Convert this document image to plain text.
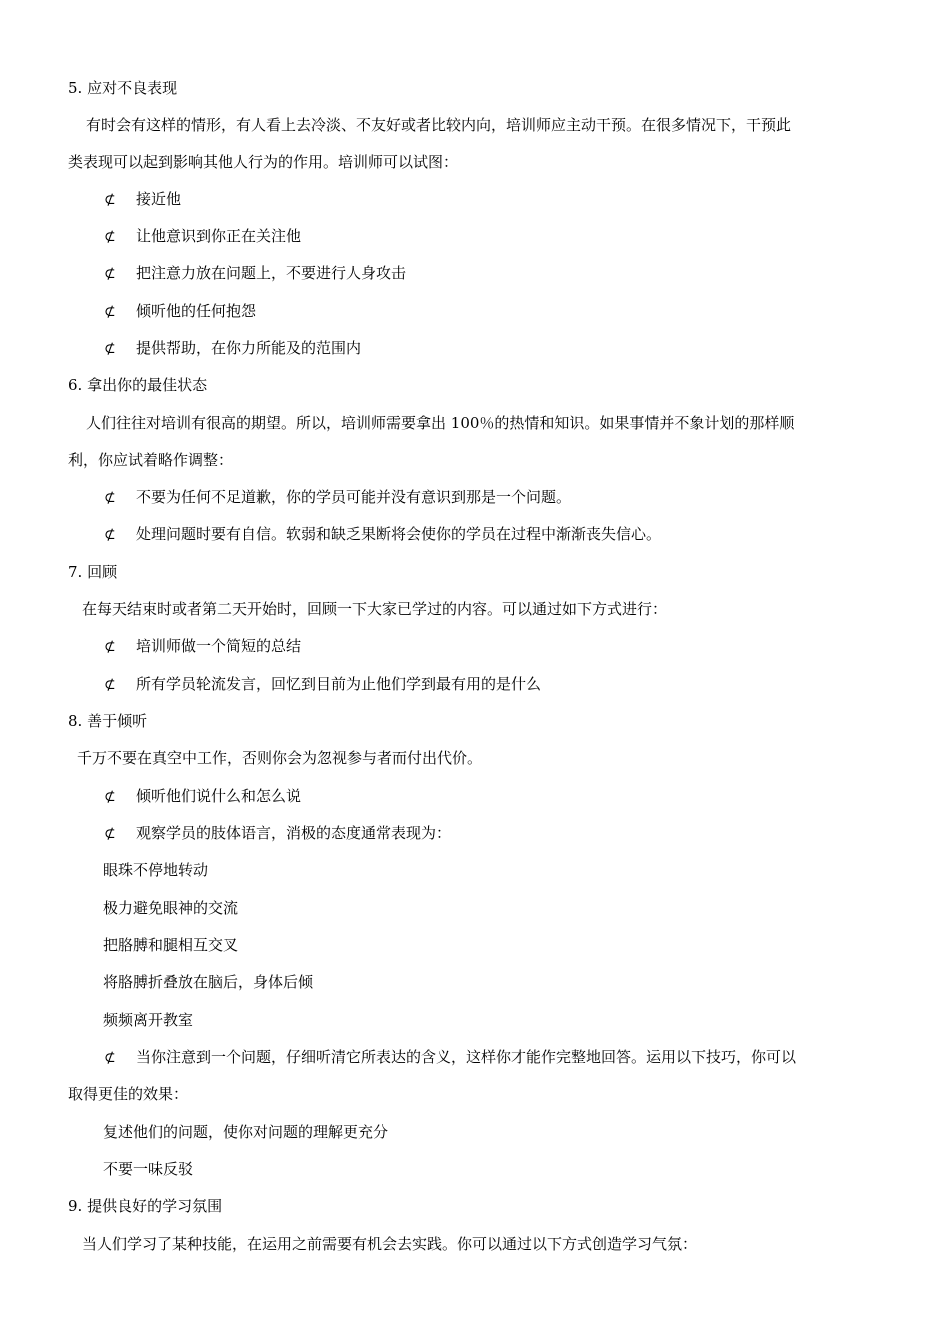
5. 应对不良表现
有时会有这样的情形，有人看上去冷淡、不友好或者比较内向，培训师应主动干预。在很多情况下，干预此
类表现可以起到影响其他人行为的作用。培训师可以试图：
⊄ 接近他
⊄ 让他意识到你正在关注他
⊄ 把注意力放在问题上，不要进行人身攻击
⊄ 倾听他的任何抱怨
⊄ 提供帮助，在你力所能及的范围内
6. 拿出你的最佳状态
人们往往对培训有很高的期望。所以，培训师需要拿出 100％的热情和知识。如果事情并不象计划的那样顺
利，你应试着略作调整：
⊄ 不要为任何不足道歉，你的学员可能并没有意识到那是一个问题。
⊄ 处理问题时要有自信。软弱和缺乏果断将会使你的学员在过程中渐渐丧失信心。
7. 回顾
在每天结束时或者第二天开始时，回顾一下大家已学过的内容。可以通过如下方式进行：
⊄ 培训师做一个简短的总结
⊄ 所有学员轮流发言，回忆到目前为止他们学到最有用的是什么
8. 善于倾听
千万不要在真空中工作，否则你会为忽视参与者而付出代价。
⊄ 倾听他们说什么和怎么说
⊄ 观察学员的肢体语言，消极的态度通常表现为：
眼珠不停地转动
极力避免眼神的交流
把胳膊和腿相互交叉
将胳膊折叠放在脑后，身体后倾
频频离开教室
⊄ 当你注意到一个问题，仔细听清它所表达的含义，这样你才能作完整地回答。运用以下技巧，你可以
取得更佳的效果：
复述他们的问题，使你对问题的理解更充分
不要一味反驳
9. 提供良好的学习氛围
当人们学习了某种技能，在运用之前需要有机会去实践。你可以通过以下方式创造学习气氛：
